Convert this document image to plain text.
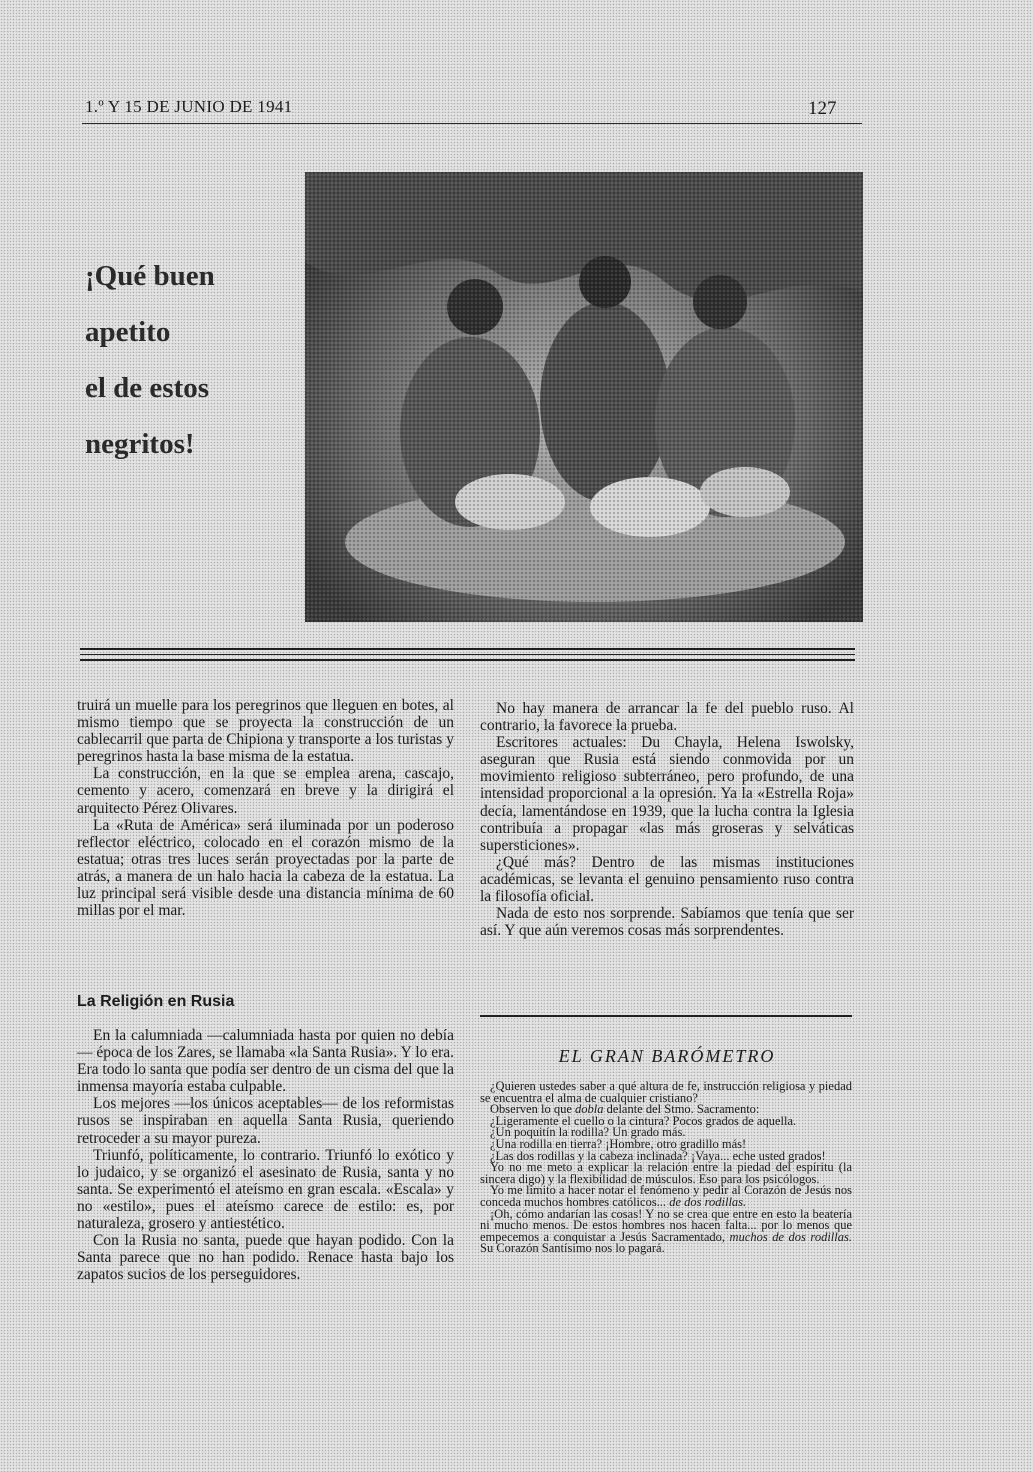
1.º Y 15 DE JUNIO DE 1941	127
¡Qué buen
apetito
el de estos
negritos!

truirá un muelle para los peregrinos que lleguen en botes, al mismo tiempo que se proyecta la construcción de un cablecarril que parta de Chipiona y transporte a los turistas y peregrinos hasta la base misma de la estatua.

La construcción, en la que se emplea arena, cascajo, cemento y acero, comenzará en breve y la dirigirá el arquitecto Pérez Olivares.

La «Ruta de América» será iluminada por un poderoso reflector eléctrico, colocado en el corazón mismo de la estatua; otras tres luces serán proyectadas por la parte de atrás, a manera de un halo hacia la cabeza de la estatua. La luz principal será visible desde una distancia mínima de 60 millas por el mar.

La Religión en Rusia

En la calumniada —calumniada hasta por quien no debía— época de los Zares, se llamaba «la Santa Rusia». Y lo era. Era todo lo santa que podía ser dentro de un cisma del que la inmensa mayoría estaba culpable.

Los mejores —los únicos aceptables— de los reformistas rusos se inspiraban en aquella Santa Rusia, queriendo retroceder a su mayor pureza.

Triunfó, políticamente, lo contrario. Triunfó lo exótico y lo judaico, y se organizó el asesinato de Rusia, santa y no santa. Se experimentó el ateísmo en gran escala. «Escala» y no «estilo», pues el ateísmo carece de estilo: es, por naturaleza, grosero y antiestético.

Con la Rusia no santa, puede que hayan podido. Con la Santa parece que no han podido. Renace hasta bajo los zapatos sucios de los perseguidores.

No hay manera de arrancar la fe del pueblo ruso. Al contrario, la favorece la prueba.

Escritores actuales: Du Chayla, Helena Iswolsky, aseguran que Rusia está siendo conmovida por un movimiento religioso subterráneo, pero profundo, de una intensidad proporcional a la opresión. Ya la «Estrella Roja» decía, lamentándose en 1939, que la lucha contra la Iglesia contribuía a propagar «las más groseras y selváticas supersticiones».

¿Qué más? Dentro de las mismas instituciones académicas, se levanta el genuino pensamiento ruso contra la filosofía oficial.

Nada de esto nos sorprende. Sabíamos que tenía que ser así. Y que aún veremos cosas más sorprendentes.

EL GRAN BARÓMETRO

¿Quieren ustedes saber a qué altura de fe, instrucción religiosa y piedad se encuentra el alma de cualquier cristiano?

Observen lo que dobla delante del Stmo. Sacramento:

¿Ligeramente el cuello o la cintura? Pocos grados de aquella.

¿Un poquitín la rodilla? Un grado más.

¿Una rodilla en tierra? ¡Hombre, otro gradillo más!

¿Las dos rodillas y la cabeza inclinada? ¡Vaya... eche usted grados!

Yo no me meto a explicar la relación entre la piedad del espíritu (la sincera digo) y la flexibilidad de músculos. Eso para los psicólogos.

Yo me limito a hacer notar el fenómeno y pedir al Corazón de Jesús nos conceda muchos hombres católicos... de dos rodillas.

¡Oh, cómo andarían las cosas! Y no se crea que entre en esto la beatería ni mucho menos. De estos hombres nos hacen falta... por lo menos que empecemos a conquistar a Jesús Sacramentado, muchos de dos rodillas. Su Corazón Santísimo nos lo pagará.
